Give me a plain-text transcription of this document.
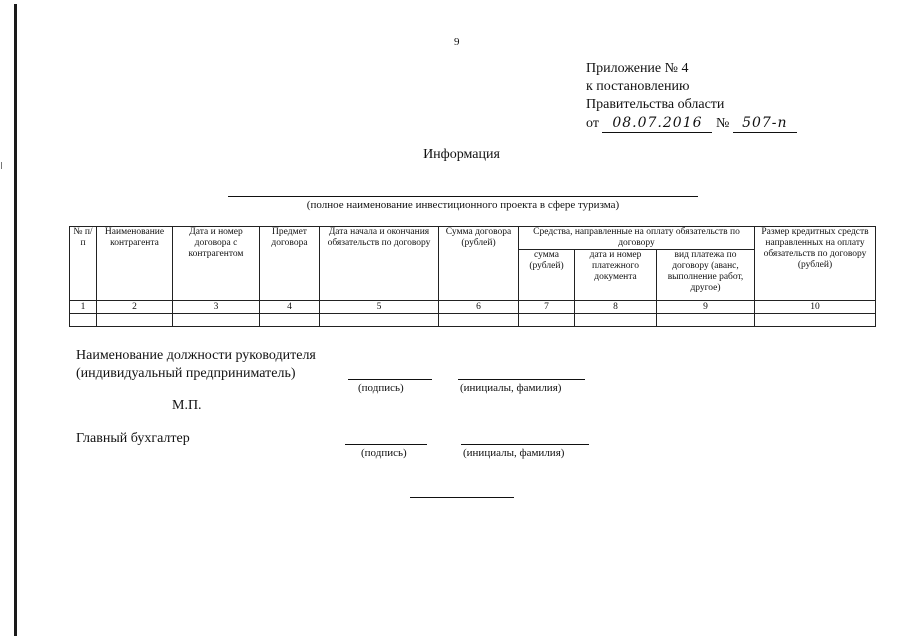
9
Приложение № 4
к постановлению
Правительства области
от 08.07.2016 № 507-п
Информация
(полное наименование инвестиционного проекта в сфере туризма)
№ п/п	Наименование контрагента	Дата и номер договора с контрагентом	Предмет договора	Дата начала и окончания обязательств по договору	Сумма договора (рублей)	Средства, направленные на оплату обязательств по договору			Размер кредитных средств направленных на оплату обязательств по договору (рублей)
						сумма (рублей)	дата и номер платежного документа	вид платежа по договору (аванс, выполнение работ, другое)	
1	2	3	4	5	6	7	8	9	10

Наименование должности руководителя
(индивидуальный предприниматель)
(подпись)	(инициалы, фамилия)
М.П.
Главный бухгалтер
(подпись)	(инициалы, фамилия)
